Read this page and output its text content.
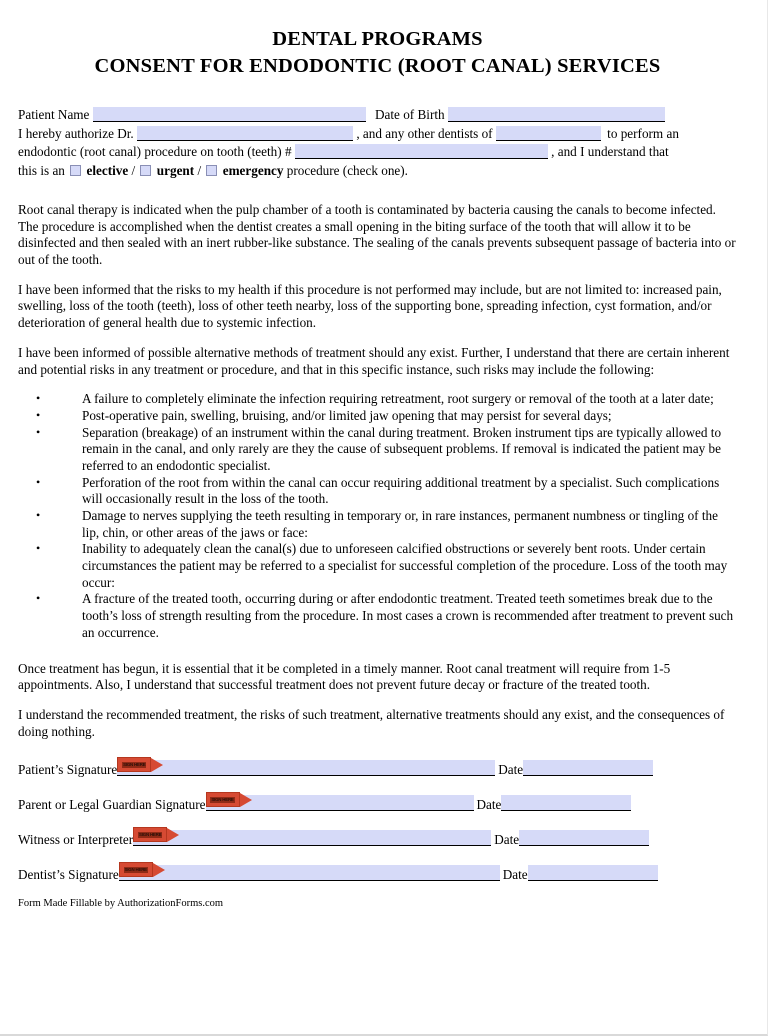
DENTAL PROGRAMS
CONSENT FOR ENDODONTIC (ROOT CANAL) SERVICES
Patient Name	Date of Birth
I hereby authorize Dr.	, and any other dentists of	to perform an
endodontic (root canal) procedure on tooth (teeth) #	, and I understand that
this is an elective / urgent / emergency procedure (check one).

Root canal therapy is indicated when the pulp chamber of a tooth is contaminated by bacteria causing the canals to become infected. The procedure is accomplished when the dentist creates a small opening in the biting surface of the tooth that will allow it to be disinfected and then sealed with an inert rubber-like substance. The sealing of the canals prevents subsequent passage of bacteria into or out of the tooth.

I have been informed that the risks to my health if this procedure is not performed may include, but are not limited to: increased pain, swelling, loss of the tooth (teeth), loss of other teeth nearby, loss of the supporting bone, spreading infection, cyst formation, and/or deterioration of general health due to systemic infection.

I have been informed of possible alternative methods of treatment should any exist. Further, I understand that there are certain inherent and potential risks in any treatment or procedure, and that in this specific instance, such risks may include the following:

•	A failure to completely eliminate the infection requiring retreatment, root surgery or removal of the tooth at a later date;
•	Post-operative pain, swelling, bruising, and/or limited jaw opening that may persist for several days;
•	Separation (breakage) of an instrument within the canal during treatment. Broken instrument tips are typically allowed to remain in the canal, and only rarely are they the cause of subsequent problems. If removal is indicated the patient may be referred to an endodontic specialist.
•	Perforation of the root from within the canal can occur requiring additional treatment by a specialist. Such complications will occasionally result in the loss of the tooth.
•	Damage to nerves supplying the teeth resulting in temporary or, in rare instances, permanent numbness or tingling of the lip, chin, or other areas of the jaws or face:
•	Inability to adequately clean the canal(s) due to unforeseen calcified obstructions or severely bent roots. Under certain circumstances the patient may be referred to a specialist for successful completion of the procedure. Loss of the tooth may occur:
•	A fracture of the treated tooth, occurring during or after endodontic treatment. Treated teeth sometimes break due to the tooth’s loss of strength resulting from the procedure. In most cases a crown is recommended after treatment to prevent such an occurrence.

Once treatment has begun, it is essential that it be completed in a timely manner. Root canal treatment will require from 1-5 appointments. Also, I understand that successful treatment does not prevent future decay or fracture of the treated tooth.

I understand the recommended treatment, the risks of such treatment, alternative treatments should any exist, and the consequences of doing nothing.

Patient’s Signature SIGN HERE	Date
Parent or Legal Guardian Signature SIGN HERE	Date
Witness or Interpreter SIGN HERE	Date
Dentist’s Signature SIGN HERE	Date
Form Made Fillable by AuthorizationForms.com
